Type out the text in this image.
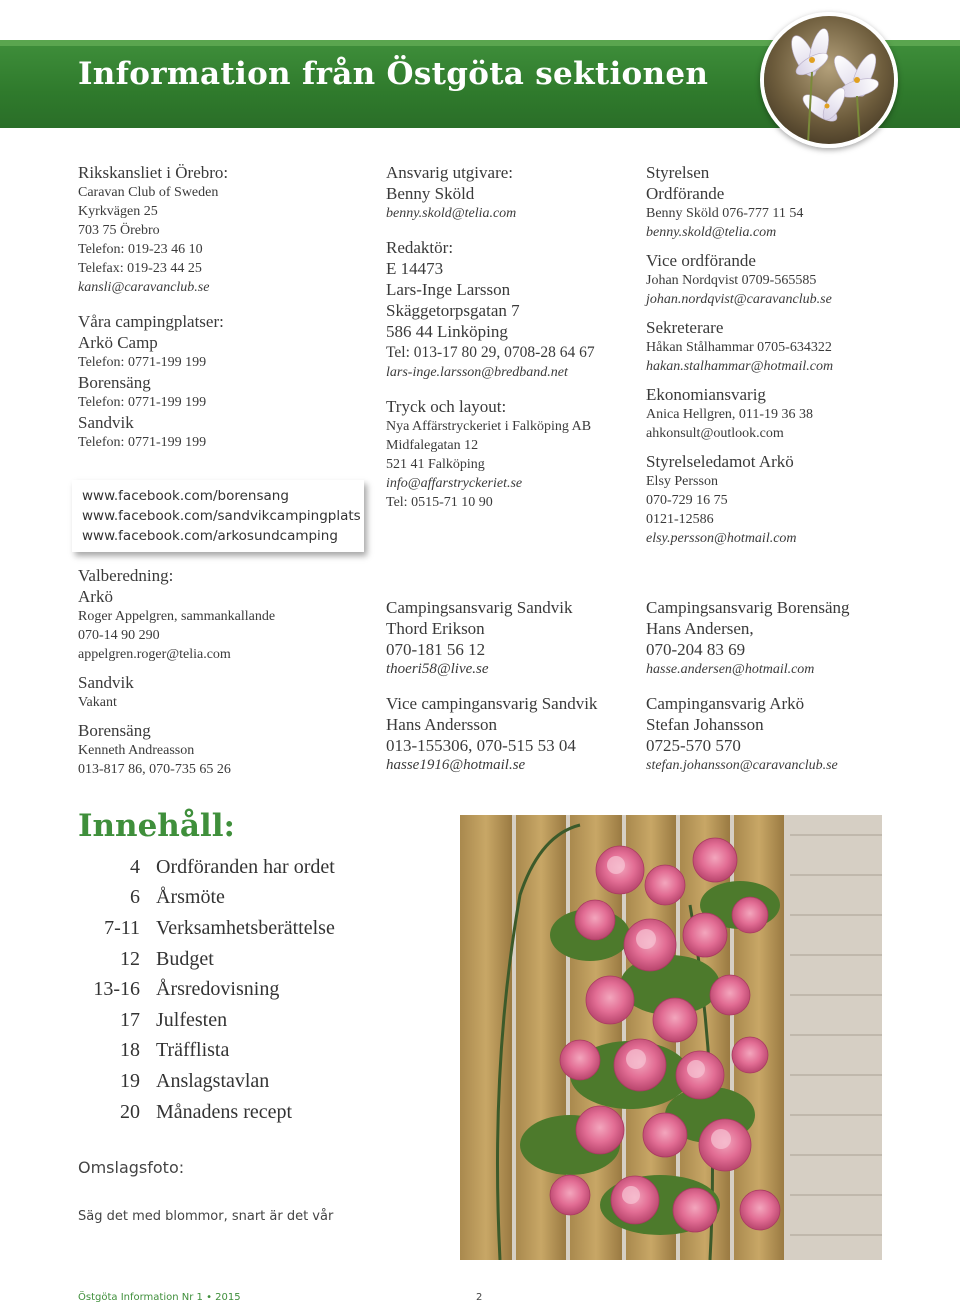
Information från Östgöta sektionen
Rikskansliet i Örebro:
Caravan Club of Sweden
Kyrkvägen 25
703 75 Örebro
Telefon: 019-23 46 10
Telefax: 019-23 44 25
kansli@caravanclub.se
Våra campingplatser:
Arkö Camp
Telefon: 0771-199 199
Borensäng
Telefon: 0771-199 199
Sandvik
Telefon: 0771-199 199
www.facebook.com/borensang
www.facebook.com/sandvikcampingplats
www.facebook.com/arkosundcamping
Valberedning:
Arkö
Roger Appelgren, sammankallande
070-14 90 290
appelgren.roger@telia.com
Sandvik
Vakant
Borensäng
Kenneth Andreasson
013-817 86, 070-735 65 26
Ansvarig utgivare:
Benny Sköld
benny.skold@telia.com
Redaktör:
E 14473
Lars-Inge Larsson
Skäggetorpsgatan 7
586 44 Linköping
Tel: 013-17 80 29, 0708-28 64 67
lars-inge.larsson@bredband.net
Tryck och layout:
Nya Affärstryckeriet i Falköping AB
Midfalegatan 12
521 41 Falköping
info@affarstryckeriet.se
Tel: 0515-71 10 90
Campingsansvarig Sandvik
Thord Erikson
070-181 56 12
thoeri58@live.se
Vice campingansvarig Sandvik
Hans Andersson
013-155306, 070-515 53 04
hasse1916@hotmail.se
Styrelsen
Ordförande
Benny Sköld 076-777 11 54
benny.skold@telia.com
Vice ordförande
Johan Nordqvist 0709-565585
johan.nordqvist@caravanclub.se
Sekreterare
Håkan Stålhammar 0705-634322
hakan.stalhammar@hotmail.com
Ekonomiansvarig
Anica Hellgren, 011-19 36 38
ahkonsult@outlook.com
Styrelseledamot Arkö
Elsy Persson
070-729 16 75
0121-12586
elsy.persson@hotmail.com
Campingsansvarig Borensäng
Hans Andersen,
070-204 83 69
hasse.andersen@hotmail.com
Campingansvarig Arkö
Stefan Johansson
0725-570 570
stefan.johansson@caravanclub.se
Innehåll:
4 Ordföranden har ordet
6 Årsmöte
7-11 Verksamhetsberättelse
12 Budget
13-16 Årsredovisning
17 Julfesten
18 Träfflista
19 Anslagstavlan
20 Månadens recept
Omslagsfoto:
Säg det med blommor, snart är det vår
Östgöta Information Nr 1 • 2015	2
